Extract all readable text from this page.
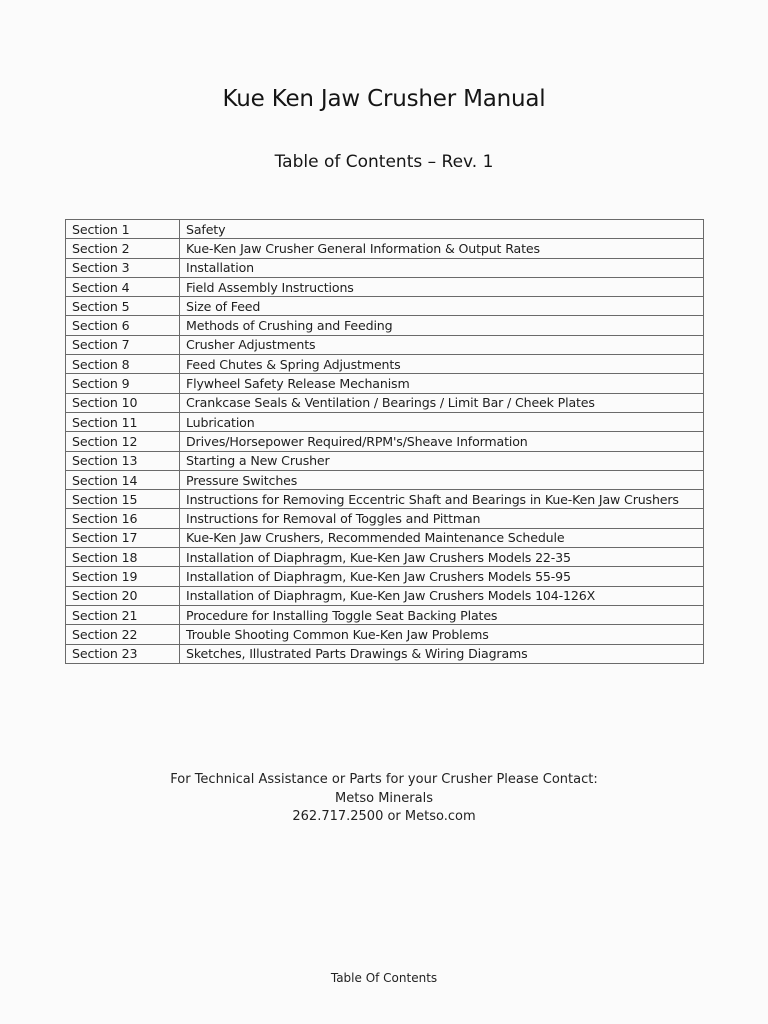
Kue Ken Jaw Crusher Manual
Table of Contents – Rev. 1
Section 1	Safety
Section 2	Kue-Ken Jaw Crusher General Information & Output Rates
Section 3	Installation
Section 4	Field Assembly Instructions
Section 5	Size of Feed
Section 6	Methods of Crushing and Feeding
Section 7	Crusher Adjustments
Section 8	Feed Chutes & Spring Adjustments
Section 9	Flywheel Safety Release Mechanism
Section 10	Crankcase Seals & Ventilation / Bearings / Limit Bar / Cheek Plates
Section 11	Lubrication
Section 12	Drives/Horsepower Required/RPM's/Sheave Information
Section 13	Starting a New Crusher
Section 14	Pressure Switches
Section 15	Instructions for Removing Eccentric Shaft and Bearings in Kue-Ken Jaw Crushers
Section 16	Instructions for Removal of Toggles and Pittman
Section 17	Kue-Ken Jaw Crushers, Recommended Maintenance Schedule
Section 18	Installation of Diaphragm, Kue-Ken Jaw Crushers Models 22-35
Section 19	Installation of Diaphragm, Kue-Ken Jaw Crushers Models 55-95
Section 20	Installation of Diaphragm, Kue-Ken Jaw Crushers Models 104-126X
Section 21	Procedure for Installing Toggle Seat Backing Plates
Section 22	Trouble Shooting Common Kue-Ken Jaw Problems
Section 23	Sketches, Illustrated Parts Drawings & Wiring Diagrams
For Technical Assistance or Parts for your Crusher Please Contact:
Metso Minerals
262.717.2500 or Metso.com
Table Of Contents
